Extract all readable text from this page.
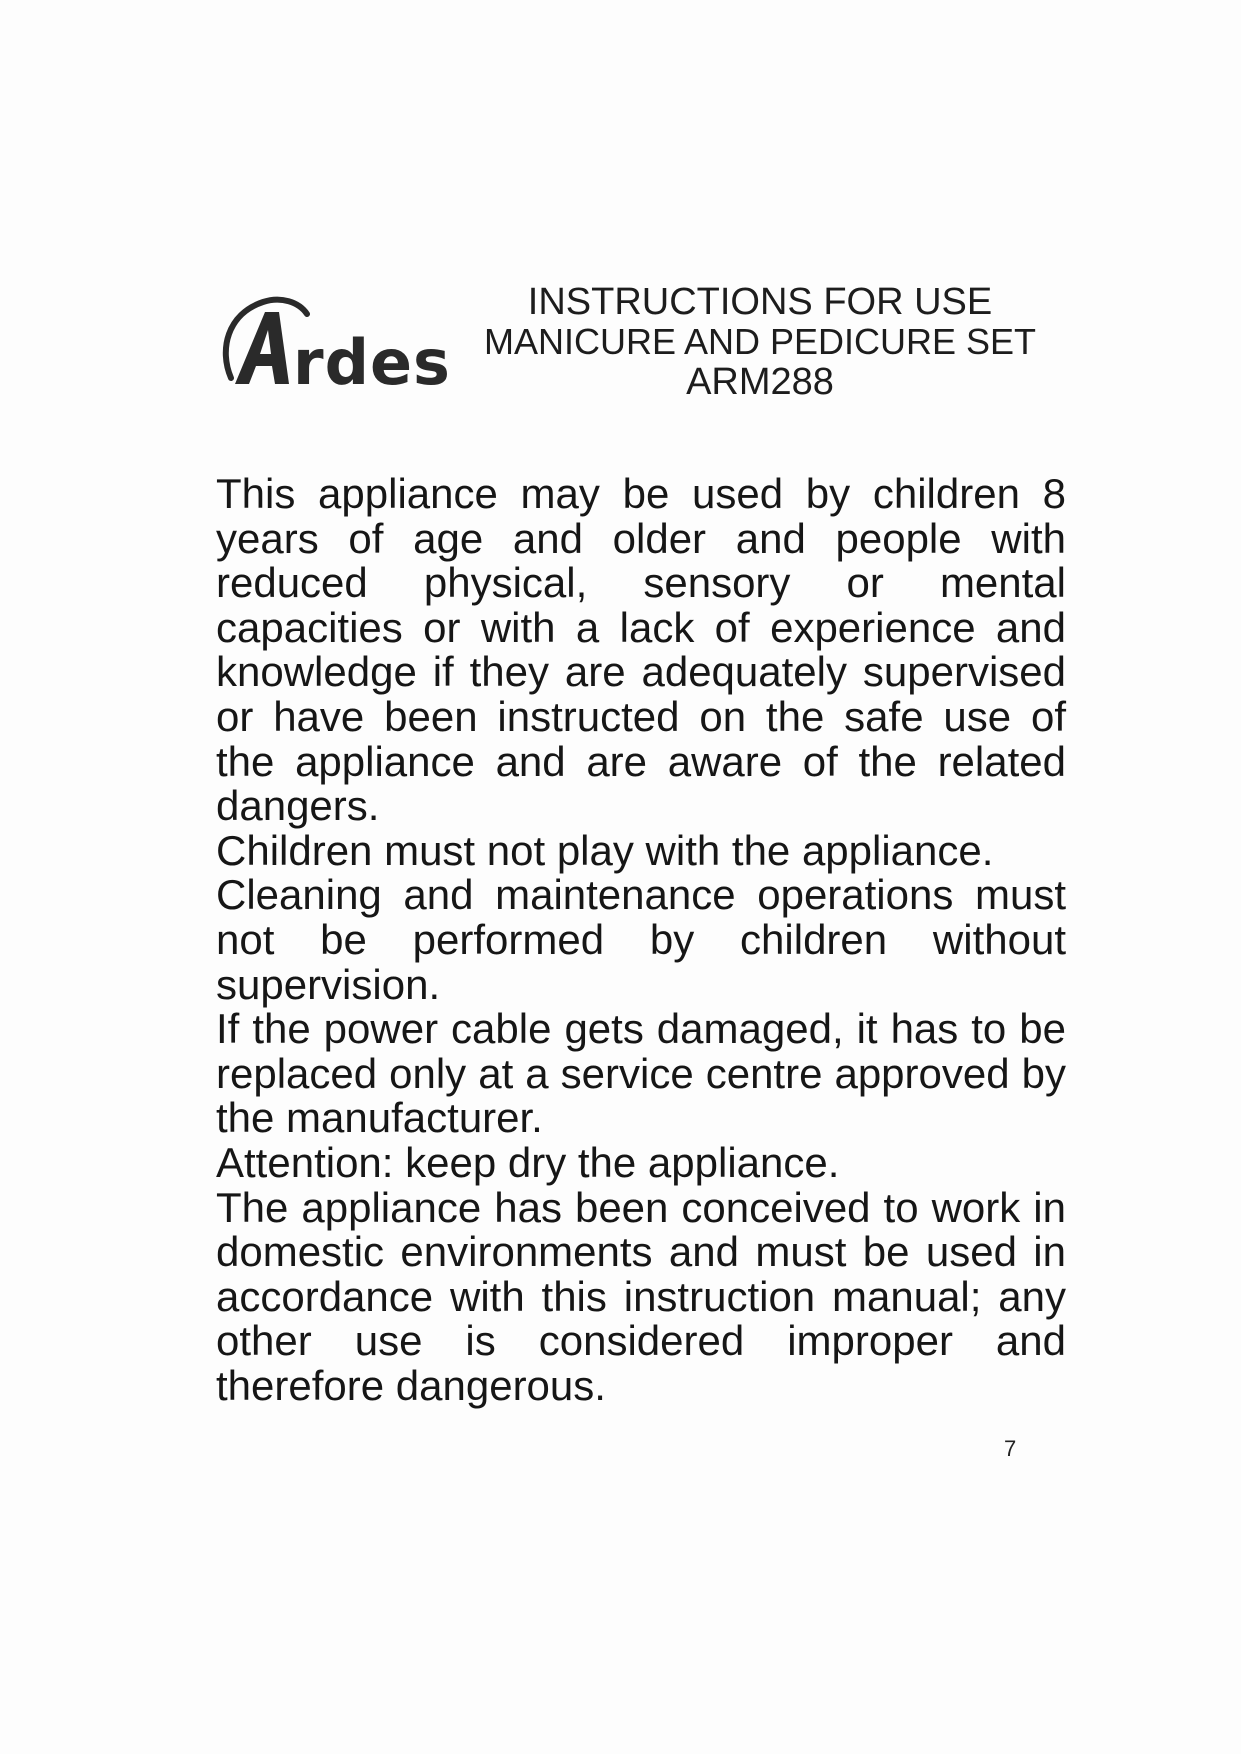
rdes
INSTRUCTIONS FOR USE
MANICURE AND PEDICURE SET
ARM288

This appliance may be used by children 8 years of age and older and people with reduced physical, sensory or mental capacities or with a lack of experience and knowledge if they are adequately supervised or have been instructed on the safe use of the appliance and are aware of the related dangers.

Children must not play with the appliance.

Cleaning and maintenance operations must not be performed by children without supervision.

If the power cable gets damaged, it has to be replaced only at a service centre approved by the manufacturer.

Attention: keep dry the appliance.

The appliance has been conceived to work in domestic environments and must be used in accordance with this instruction manual; any other use is considered improper and therefore dangerous.

7
